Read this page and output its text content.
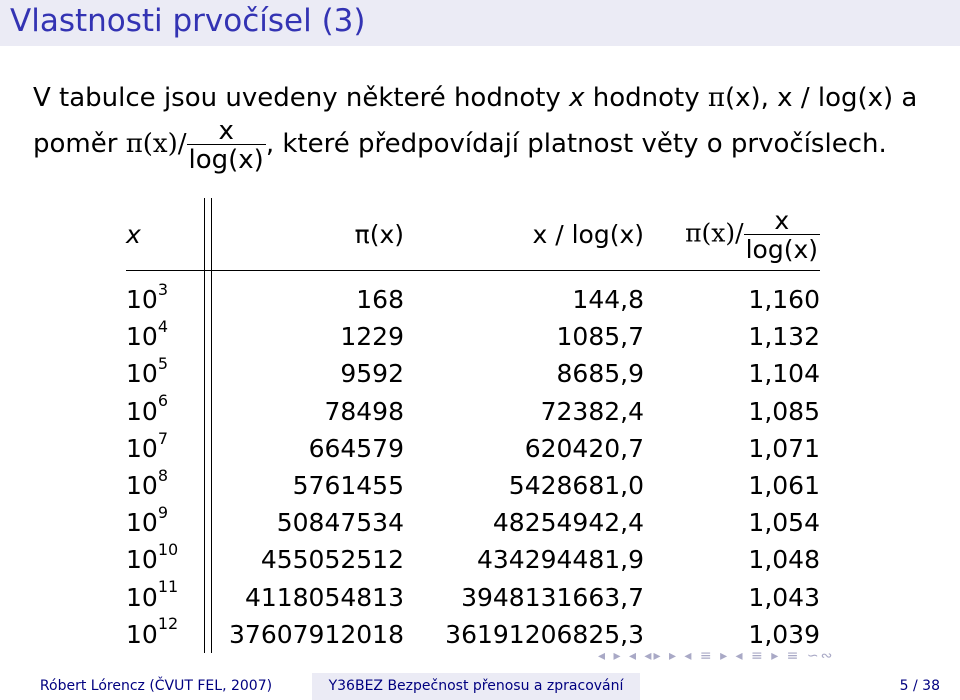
Vlastnosti prvočísel (3)
V tabulce jsou uvedeny některé hodnoty x hodnoty π(x), x / log(x) a
poměr $\pi(x)/ \frac{x}{\log(x)}$ , které předpovídají platnost věty o prvočíslech.
x		π(x)	x / log(x)	$\pi(x)/ \frac{x}{\log(x)}$

$10^3$		168	144,8	1,160
$10^4$		1229	1085,7	1,132
$10^5$		9592	8685,9	1,104
$10^6$		78498	72382,4	1,085
$10^7$		664579	620420,7	1,071
$10^8$		5761455	5428681,0	1,061
$10^9$		50847534	48254942,4	1,054
$10^{10}$		455052512	434294481,9	1,048
$10^{11}$		4118054813	3948131663,7	1,043
$10^{12}$		37607912018	36191206825,3	1,039
◂ ▸ ◂ ◂▸ ▸ ◂ ≡ ▸ ◂ ≡ ▸ ≡ ∽∾
Róbert Lórencz (ČVUT FEL, 2007)	Y36BEZ Bezpečnost přenosu a zpracování	5 / 38
